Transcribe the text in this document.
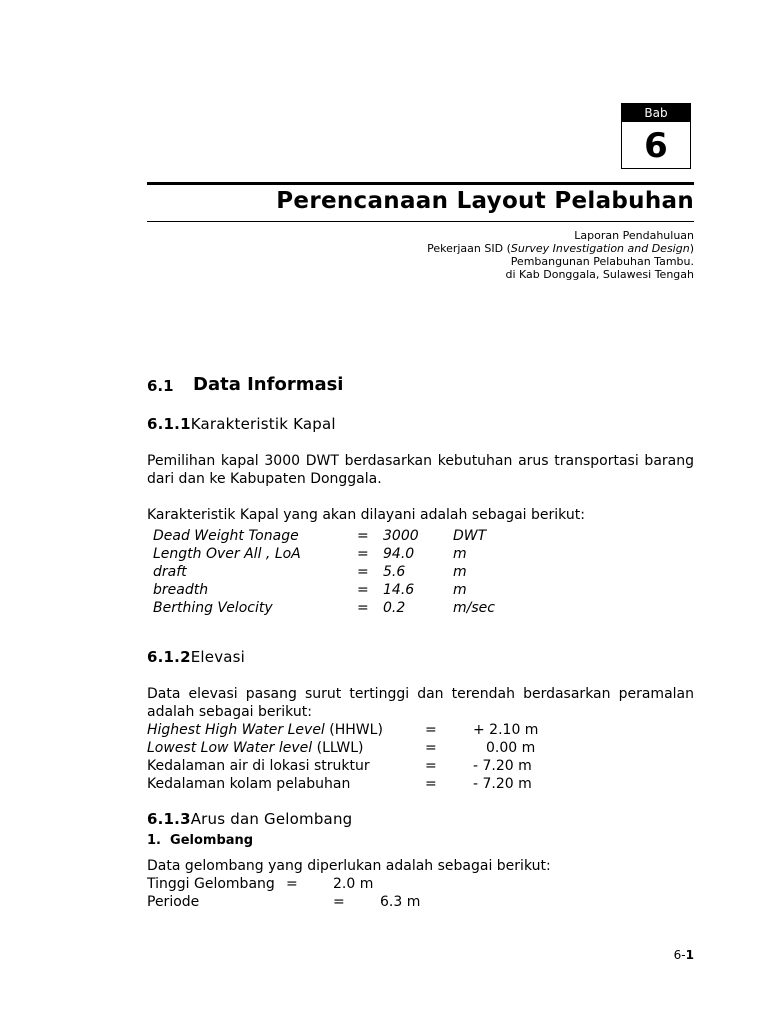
Bab
6
Perencanaan Layout Pelabuhan
Laporan Pendahuluan
Pekerjaan SID (Survey Investigation and Design)
Pembangunan Pelabuhan Tambu.
di Kab Donggala, Sulawesi Tengah
6.1 Data Informasi
6.1.1Karakteristik Kapal
Pemilihan kapal 3000 DWT berdasarkan kebutuhan arus transportasi barang
dari dan ke Kabupaten Donggala.
Karakteristik Kapal yang akan dilayani adalah sebagai berikut:
Dead Weight Tonage	= 3000 DWT
Length Over All , LoA	= 94.0	m
draft	= 5.6	m
breadth	= 14.6	m
Berthing Velocity	= 0.2	m/sec
6.1.2Elevasi
Data elevasi pasang surut tertinggi dan terendah berdasarkan peramalan
adalah sebagai berikut:
Highest High Water Level (HHWL)	=	+ 2.10 m
Lowest Low Water level (LLWL)	=	0.00 m
Kedalaman air di lokasi struktur	=	- 7.20 m
Kedalaman kolam pelabuhan	=	- 7.20 m
6.1.3Arus dan Gelombang
1. Gelombang
Data gelombang yang diperlukan adalah sebagai berikut:
Tinggi Gelombang =	2.0 m
Periode	=	6.3 m
6-1
